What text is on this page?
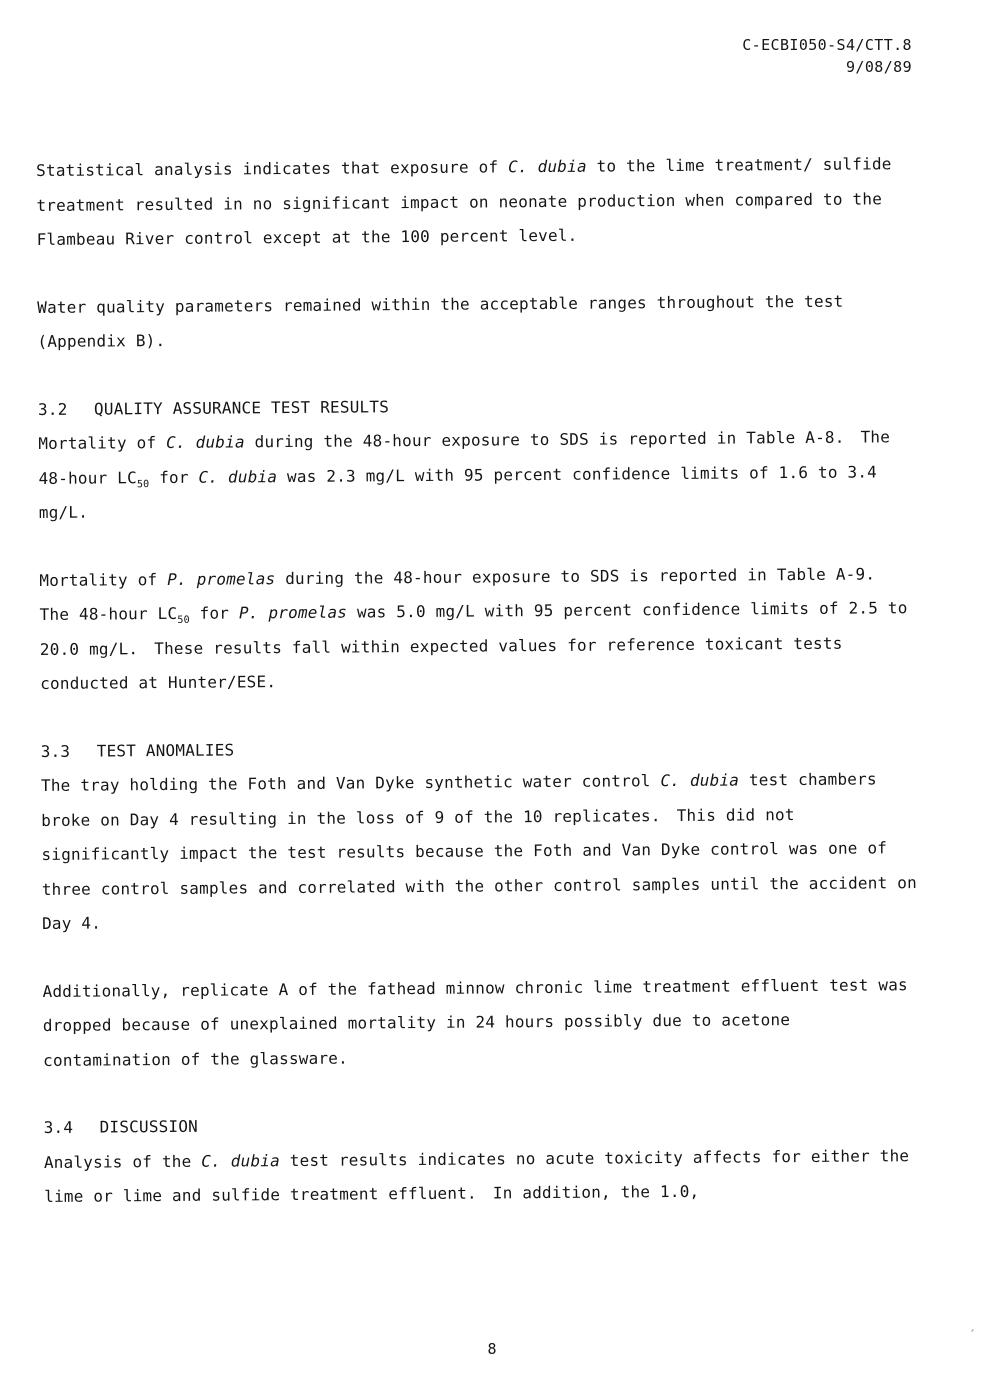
C-ECBI050-S4/CTT.8
9/08/89

Statistical analysis indicates that exposure of C. dubia to the lime treatment/ sulfide treatment resulted in no significant impact on neonate production when compared to the Flambeau River control except at the 100 percent level.

Water quality parameters remained within the acceptable ranges throughout the test (Appendix B).

3.2 QUALITY ASSURANCE TEST RESULTS

Mortality of C. dubia during the 48-hour exposure to SDS is reported in Table A-8. The 48-hour $LC_{50}$ for C. dubia was 2.3 mg/L with 95 percent confidence limits of 1.6 to 3.4 mg/L.

Mortality of P. promelas during the 48-hour exposure to SDS is reported in Table A-9.The 48-hour $LC_{50}$ for P. promelas was 5.0 mg/L with 95 percent confidence limits of 2.5 to 20.0 mg/L. These results fall within expected values for reference toxicant tests conducted at Hunter/ESE.

3.3 TEST ANOMALIES

The tray holding the Foth and Van Dyke synthetic water control C. dubia test chambers broke on Day 4 resulting in the loss of 9 of the 10 replicates. This did not significantly impact the test results because the Foth and Van Dyke control was one of three control samples and correlated with the other control samples until the accident on Day 4.

Additionally, replicate A of the fathead minnow chronic lime treatment effluent test was dropped because of unexplained mortality in 24 hours possibly due to acetone contamination of the glassware.

3.4 DISCUSSION

Analysis of the C. dubia test results indicates no acute toxicity affects for either the lime or lime and sulfide treatment effluent. In addition, the 1.0,

8
